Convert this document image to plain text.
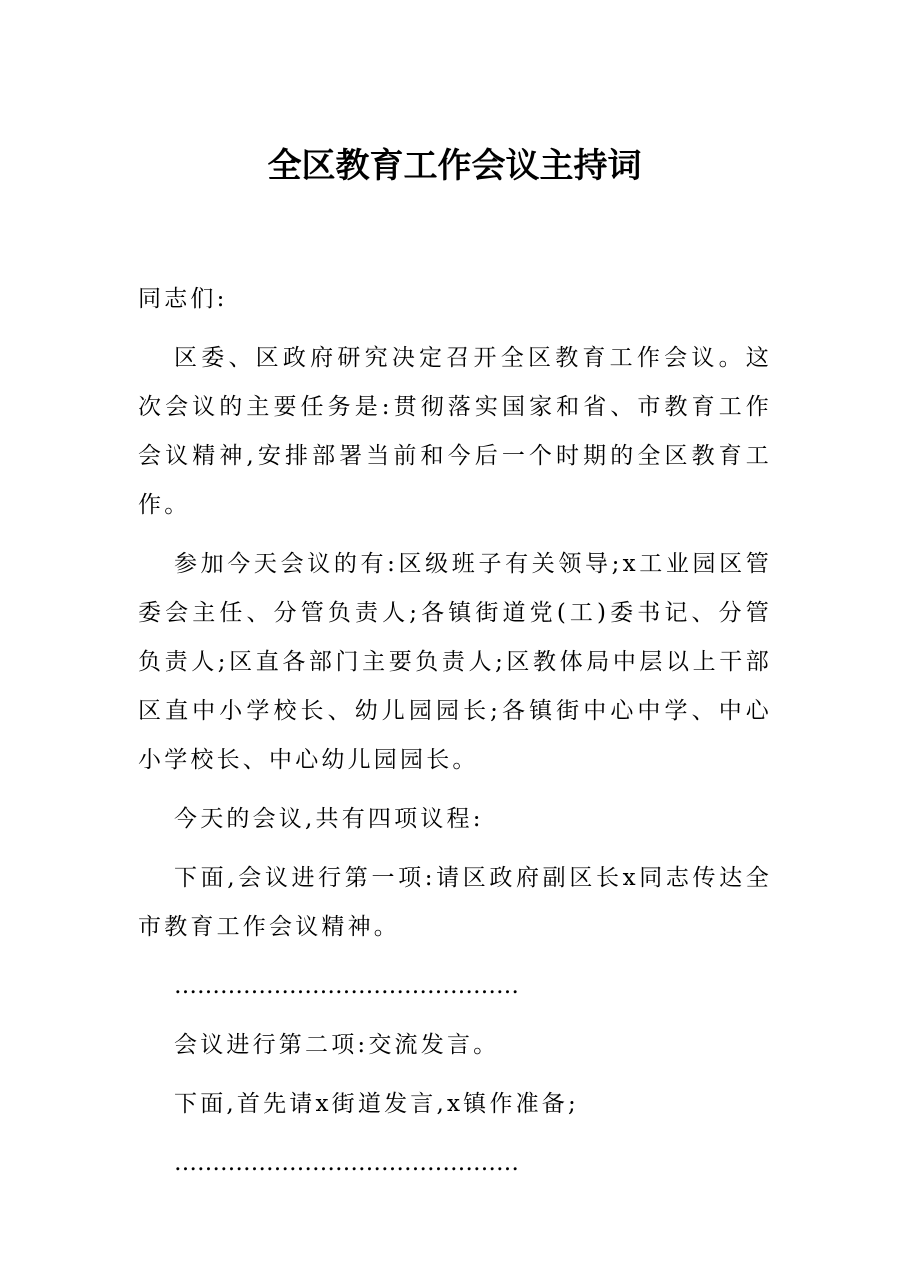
全区教育工作会议主持词

同志们:

区委、区政府研究决定召开全区教育工作会议。这次会议的主要任务是:贯彻落实国家和省、市教育工作会议精神,安排部署当前和今后一个时期的全区教育工作。

参加今天会议的有:区级班子有关领导;x工业园区管委会主任、分管负责人;各镇街道党(工)委书记、分管负责人;区直各部门主要负责人;区教体局中层以上干部区直中小学校长、幼儿园园长;各镇街中心中学、中心小学校长、中心幼儿园园长。

今天的会议,共有四项议程:

下面,会议进行第一项:请区政府副区长x同志传达全市教育工作会议精神。

………………………………………

会议进行第二项:交流发言。

下面,首先请x街道发言,x镇作准备;

………………………………………
